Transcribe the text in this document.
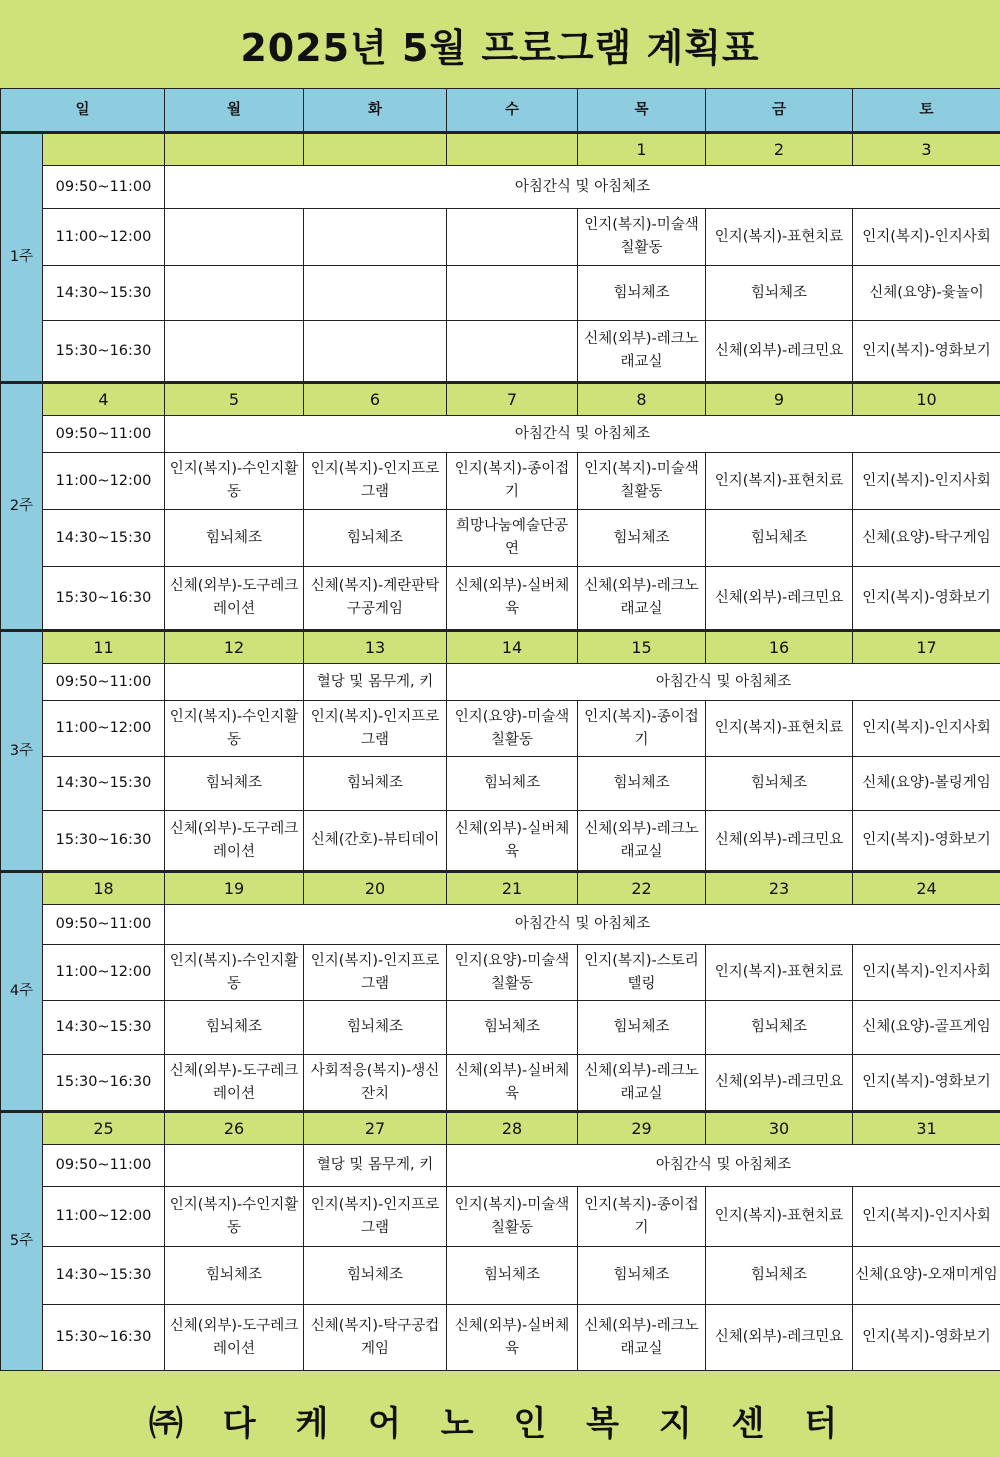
2025년 5월 프로그램 계획표
일		월	화	수	목	금	토
1주					1	2	3
	09:50~11:00	아침간식 및 아침체조					
	11:00~12:00				인지(복지)-미술색칠활동	인지(복지)-표현치료	인지(복지)-인지사회
	14:30~15:30				힘뇌체조	힘뇌체조	신체(요양)-윷놀이
	15:30~16:30				신체(외부)-레크노래교실	신체(외부)-레크민요	인지(복지)-영화보기
2주	4	5	6	7	8	9	10
	09:50~11:00	아침간식 및 아침체조					
	11:00~12:00	인지(복지)-수인지활동	인지(복지)-인지프로그램	인지(복지)-종이접기	인지(복지)-미술색칠활동	인지(복지)-표현치료	인지(복지)-인지사회
	14:30~15:30	힘뇌체조	힘뇌체조	희망나눔예술단공연	힘뇌체조	힘뇌체조	신체(요양)-탁구게임
	15:30~16:30	신체(외부)-도구레크레이션	신체(복지)-계란판탁구공게임	신체(외부)-실버체육	신체(외부)-레크노래교실	신체(외부)-레크민요	인지(복지)-영화보기
3주	11	12	13	14	15	16	17
	09:50~11:00		혈당 및 몸무게, 키	아침간식 및 아침체조			
	11:00~12:00	인지(복지)-수인지활동	인지(복지)-인지프로그램	인지(요양)-미술색칠활동	인지(복지)-종이접기	인지(복지)-표현치료	인지(복지)-인지사회
	14:30~15:30	힘뇌체조	힘뇌체조	힘뇌체조	힘뇌체조	힘뇌체조	신체(요양)-볼링게임
	15:30~16:30	신체(외부)-도구레크레이션	신체(간호)-뷰티데이	신체(외부)-실버체육	신체(외부)-레크노래교실	신체(외부)-레크민요	인지(복지)-영화보기
4주	18	19	20	21	22	23	24
	09:50~11:00	아침간식 및 아침체조					
	11:00~12:00	인지(복지)-수인지활동	인지(복지)-인지프로그램	인지(요양)-미술색칠활동	인지(복지)-스토리텔링	인지(복지)-표현치료	인지(복지)-인지사회
	14:30~15:30	힘뇌체조	힘뇌체조	힘뇌체조	힘뇌체조	힘뇌체조	신체(요양)-골프게임
	15:30~16:30	신체(외부)-도구레크레이션	사회적응(복지)-생신잔치	신체(외부)-실버체육	신체(외부)-레크노래교실	신체(외부)-레크민요	인지(복지)-영화보기
5주	25	26	27	28	29	30	31
	09:50~11:00		혈당 및 몸무게, 키	아침간식 및 아침체조			
	11:00~12:00	인지(복지)-수인지활동	인지(복지)-인지프로그램	인지(복지)-미술색칠활동	인지(복지)-종이접기	인지(복지)-표현치료	인지(복지)-인지사회
	14:30~15:30	힘뇌체조	힘뇌체조	힘뇌체조	힘뇌체조	힘뇌체조	신체(요양)-오재미게임
	15:30~16:30	신체(외부)-도구레크레이션	신체(복지)-탁구공컵 게임	신체(외부)-실버체육	신체(외부)-레크노래교실	신체(외부)-레크민요	인지(복지)-영화보기
㈜ 다 케 어 노 인 복 지 센 터
